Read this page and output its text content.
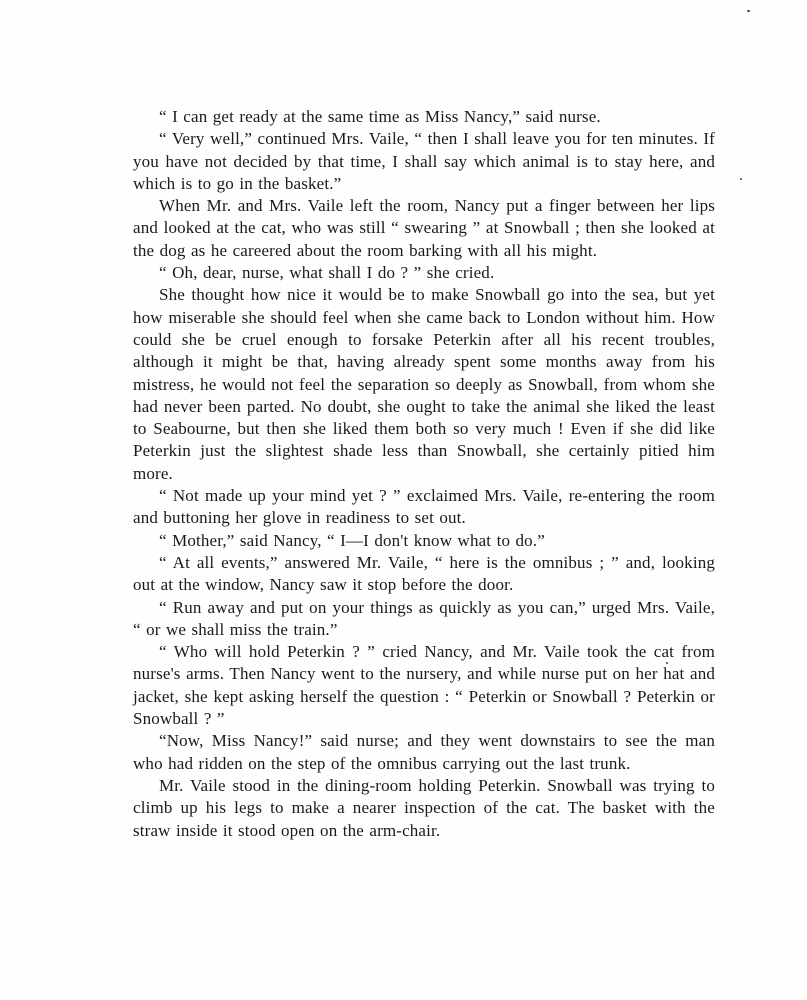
“ I can get ready at the same time as Miss Nancy,” said nurse.

“ Very well,” continued Mrs. Vaile, “ then I shall leave you for ten minutes. If you have not decided by that time, I shall say which animal is to stay here, and which is to go in the basket.”

When Mr. and Mrs. Vaile left the room, Nancy put a finger between her lips and looked at the cat, who was still “ swearing ” at Snowball ; then she looked at the dog as he careered about the room barking with all his might.

“ Oh, dear, nurse, what shall I do ? ” she cried.

She thought how nice it would be to make Snowball go into the sea, but yet how miserable she should feel when she came back to London without him. How could she be cruel enough to forsake Peterkin after all his recent troubles, although it might be that, having already spent some months away from his mistress, he would not feel the separation so deeply as Snowball, from whom she had never been parted. No doubt, she ought to take the animal she liked the least to Seabourne, but then she liked them both so very much ! Even if she did like Peterkin just the slightest shade less than Snowball, she certainly pitied him more.

“ Not made up your mind yet ? ” exclaimed Mrs. Vaile, re-entering the room and buttoning her glove in readiness to set out.

“ Mother,” said Nancy, “ I—I don't know what to do.”

“ At all events,” answered Mr. Vaile, “ here is the omnibus ; ” and, looking out at the window, Nancy saw it stop before the door.

“ Run away and put on your things as quickly as you can,” urged Mrs. Vaile, “ or we shall miss the train.”

“ Who will hold Peterkin ? ” cried Nancy, and Mr. Vaile took the cat from nurse's arms. Then Nancy went to the nursery, and while nurse put on her hat and jacket, she kept asking herself the question : “ Peterkin or Snowball ? Peterkin or Snowball ? ”

“Now, Miss Nancy!” said nurse; and they went downstairs to see the man who had ridden on the step of the omnibus carrying out the last trunk.

Mr. Vaile stood in the dining-room holding Peterkin. Snowball was trying to climb up his legs to make a nearer inspection of the cat. The basket with the straw inside it stood open on the arm-chair.
